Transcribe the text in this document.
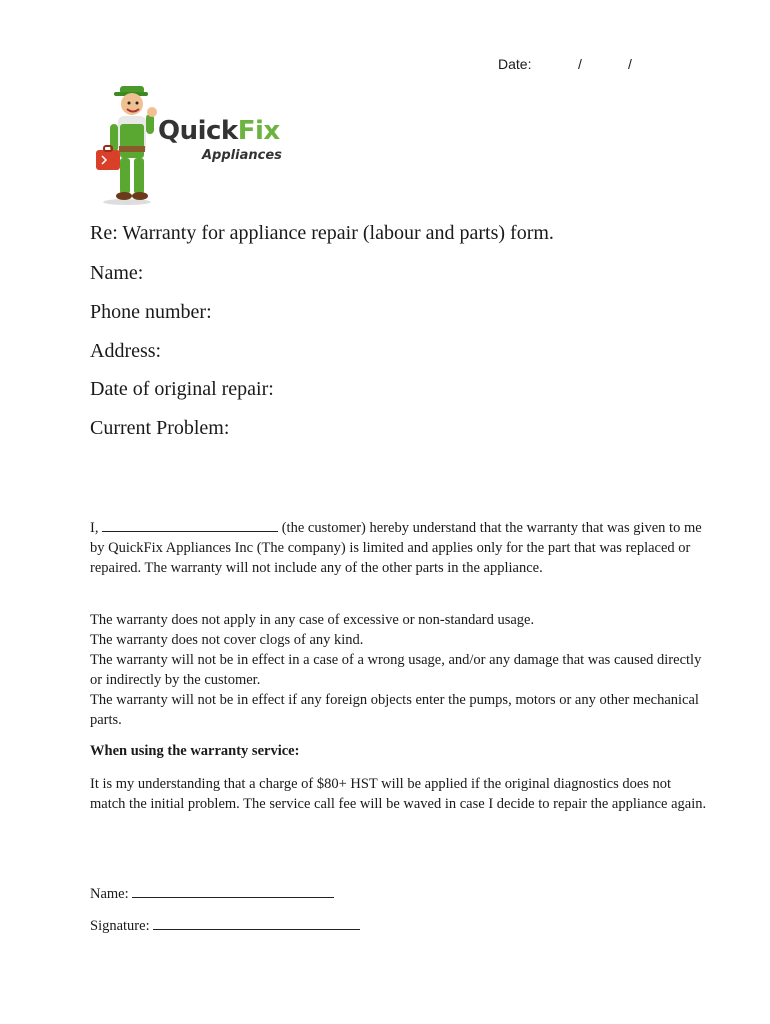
Date:	/	/
QuickFix
Appliances
Re: Warranty for appliance repair (labour and parts) form.
Name:
Phone number:
Address:
Date of original repair:
Current Problem:

I,	(the customer) hereby understand that the warranty that was given to me by QuickFix Appliances Inc (The company) is limited and applies only for the part that was replaced or repaired. The warranty will not include any of the other parts in the appliance.

The warranty does not apply in any case of excessive or non-standard usage.

The warranty does not cover clogs of any kind.

The warranty will not be in effect in a case of a wrong usage, and/or any damage that was caused directly or indirectly by the customer.

The warranty will not be in effect if any foreign objects enter the pumps, motors or any other mechanical parts.

When using the warranty service:
It is my understanding that a charge of $80+ HST will be applied if the original diagnostics does not match the initial problem. The service call fee will be waved in case I decide to repair the appliance again.
Name:
Signature:
